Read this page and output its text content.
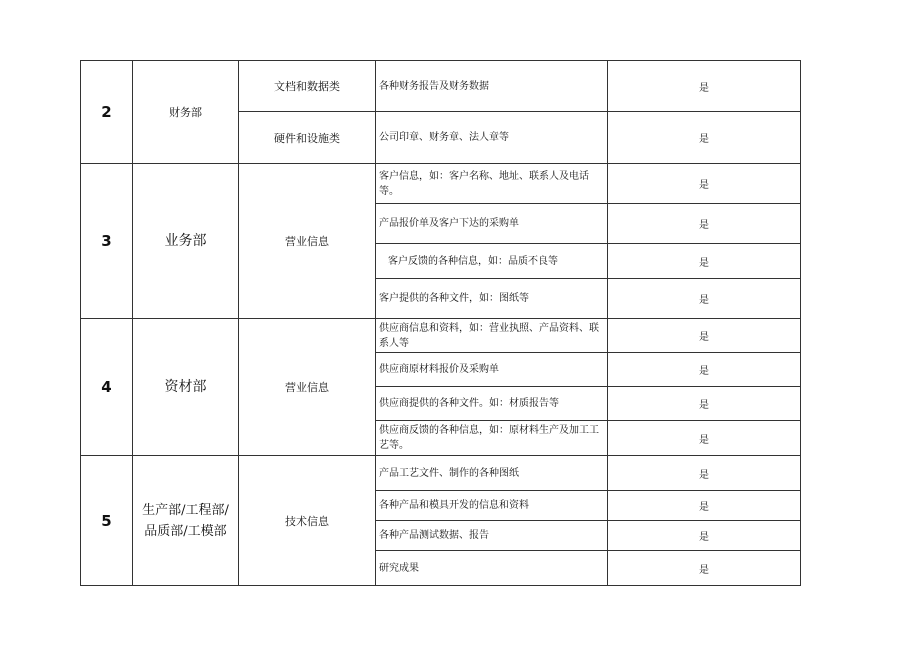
2	财务部	文档和数据类	各种财务报告及财务数据	是
		硬件和设施类	公司印章、财务章、法人章等	是
3	业务部	营业信息	客户信息，如：客户名称、地址、联系人及电话等。	是
			产品报价单及客户下达的采购单	是
			客户反馈的各种信息，如：品质不良等	是
			客户提供的各种文件，如：图纸等	是
4	资材部	营业信息	供应商信息和资料，如：营业执照、产品资料、联系人等	是
			供应商原材料报价及采购单	是
			供应商提供的各种文件。如：材质报告等	是
			供应商反馈的各种信息，如：原材料生产及加工工艺等。	是
5	生产部/工程部/品质部/工模部	技术信息	产品工艺文件、制作的各种图纸	是
			各种产品和模具开发的信息和资料	是
			各种产品测试数据、报告	是
			研究成果	是
